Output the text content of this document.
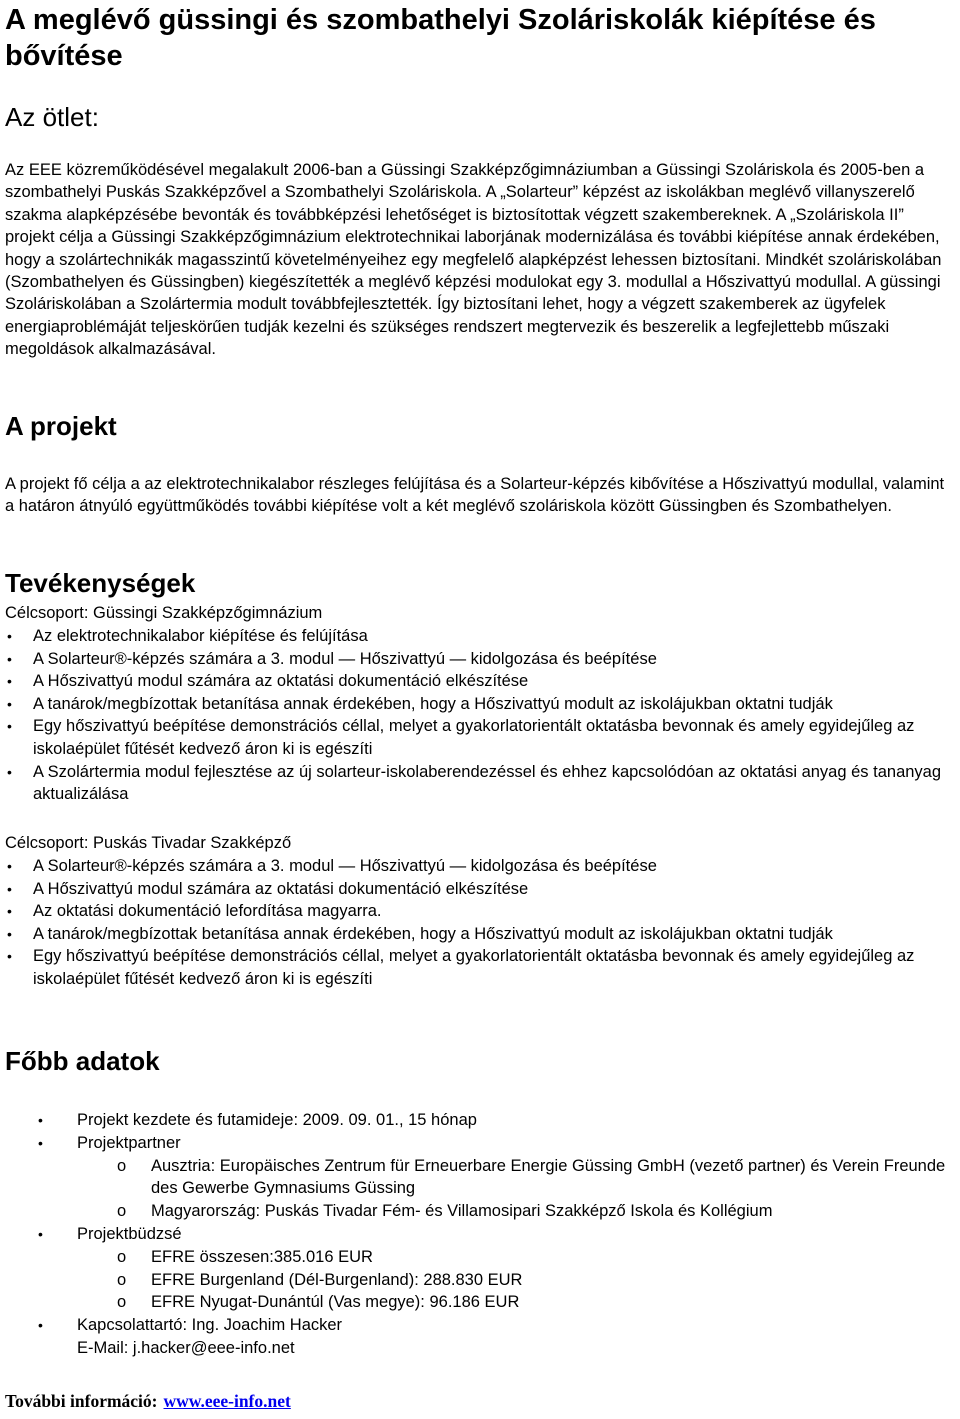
A meglévő güssingi és szombathelyi Szoláriskolák kiépítése és bővítése
Az ötlet:

Az EEE közreműködésével megalakult 2006-ban a Güssingi Szakképzőgimnáziumban a Güssingi Szoláriskola és 2005-ben a szombathelyi Puskás Szakképzővel a Szombathelyi Szoláriskola. A „Solarteur” képzést az iskolákban meglévő villanyszerelő szakma alapképzésébe bevonták és továbbképzési lehetőséget is biztosítottak végzett szakembereknek. A „Szoláriskola II” projekt célja a Güssingi Szakképzőgimnázium elektrotechnikai laborjának modernizálása és további kiépítése annak érdekében, hogy a szolártechnikák magasszintű követelményeihez egy megfelelő alapképzést lehessen biztosítani. Mindkét szoláriskolában (Szombathelyen és Güssingben) kiegészítették a meglévő képzési modulokat egy 3. modullal a Hőszivattyú modullal. A güssingi Szoláriskolában a Szolártermia modult továbbfejlesztették. Így biztosítani lehet, hogy a végzett szakemberek az ügyfelek energiaproblémáját teljeskörűen tudják kezelni és szükséges rendszert megtervezik és beszerelik a legfejlettebb műszaki megoldások alkalmazásával.

A projekt

A projekt fő célja a az elektrotechnikalabor részleges felújítása és a Solarteur-képzés kibővítése a Hőszivattyú modullal, valamint a határon átnyúló együttműködés további kiépítése volt a két meglévő szoláriskola között Güssingben és Szombathelyen.

Tevékenységek
Célcsoport: Güssingi Szakképzőgimnázium
• Az elektrotechnikalabor kiépítése és felújítása
• A Solarteur®-képzés számára a 3. modul — Hőszivattyú — kidolgozása és beépítése
• A Hőszivattyú modul számára az oktatási dokumentáció elkészítése
• A tanárok/megbízottak betanítása annak érdekében, hogy a Hőszivattyú modult az iskolájukban oktatni tudják
• Egy hőszivattyú beépítése demonstrációs céllal, melyet a gyakorlatorientált oktatásba bevonnak és amely egyidejűleg az iskolaépület fűtését kedvező áron ki is egészíti
• A Szolártermia modul fejlesztése az új solarteur-iskolaberendezéssel és ehhez kapcsolódóan az oktatási anyag és tananyag aktualizálása
Célcsoport: Puskás Tivadar Szakképző
• A Solarteur®-képzés számára a 3. modul — Hőszivattyú — kidolgozása és beépítése
• A Hőszivattyú modul számára az oktatási dokumentáció elkészítése
• Az oktatási dokumentáció lefordítása magyarra.
• A tanárok/megbízottak betanítása annak érdekében, hogy a Hőszivattyú modult az iskolájukban oktatni tudják
• Egy hőszivattyú beépítése demonstrációs céllal, melyet a gyakorlatorientált oktatásba bevonnak és amely egyidejűleg az iskolaépület fűtését kedvező áron ki is egészíti
Főbb adatok
• Projekt kezdete és futamideje: 2009. 09. 01., 15 hónap
• Projektpartner
o Ausztria: Europäisches Zentrum für Erneuerbare Energie Güssing GmbH (vezető partner) és Verein Freunde des Gewerbe Gymnasiums Güssing
o Magyarország: Puskás Tivadar Fém- és Villamosipari Szakképző Iskola és Kollégium
• Projektbüdzsé
o EFRE összesen:385.016 EUR
o EFRE Burgenland (Dél-Burgenland): 288.830 EUR
o EFRE Nyugat-Dunántúl (Vas megye): 96.186 EUR
• Kapcsolattartó: Ing. Joachim Hacker
E-Mail: j.hacker@eee-info.net
További információ: www.eee-info.net
